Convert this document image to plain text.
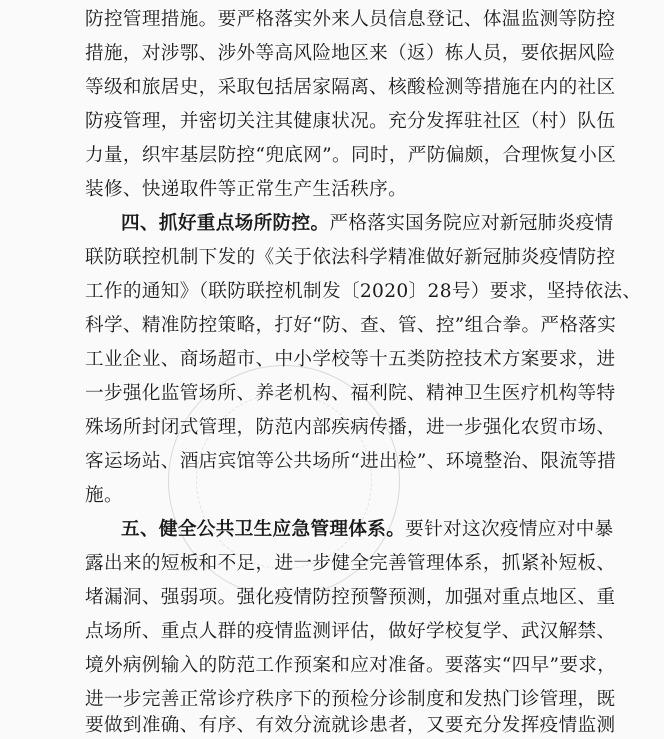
防控管理措施。要严格落实外来人员信息登记、体温监测等防控
措施，对涉鄂、涉外等高风险地区来（返）栋人员，要依据风险
等级和旅居史，采取包括居家隔离、核酸检测等措施在内的社区
防疫管理，并密切关注其健康状况。充分发挥驻社区（村）队伍
力量，织牢基层防控“兜底网”。同时，严防偏颇，合理恢复小区
装修、快递取件等正常生产生活秩序。
四、抓好重点场所防控。严格落实国务院应对新冠肺炎疫情
联防联控机制下发的《关于依法科学精准做好新冠肺炎疫情防控
工作的通知》（联防联控机制发〔2020〕28号）要求，坚持依法、
科学、精准防控策略，打好“防、查、管、控”组合拳。严格落实
工业企业、商场超市、中小学校等十五类防控技术方案要求，进
一步强化监管场所、养老机构、福利院、精神卫生医疗机构等特
殊场所封闭式管理，防范内部疾病传播，进一步强化农贸市场、
客运场站、酒店宾馆等公共场所“进出检”、环境整治、限流等措
施。
五、健全公共卫生应急管理体系。要针对这次疫情应对中暴
露出来的短板和不足，进一步健全完善管理体系，抓紧补短板、
堵漏洞、强弱项。强化疫情防控预警预测，加强对重点地区、重
点场所、重点人群的疫情监测评估，做好学校复学、武汉解禁、
境外病例输入的防范工作预案和应对准备。要落实“四早”要求，
进一步完善正常诊疗秩序下的预检分诊制度和发热门诊管理，既
要做到准确、有序、有效分流就诊患者，又要充分发挥疫情监测
